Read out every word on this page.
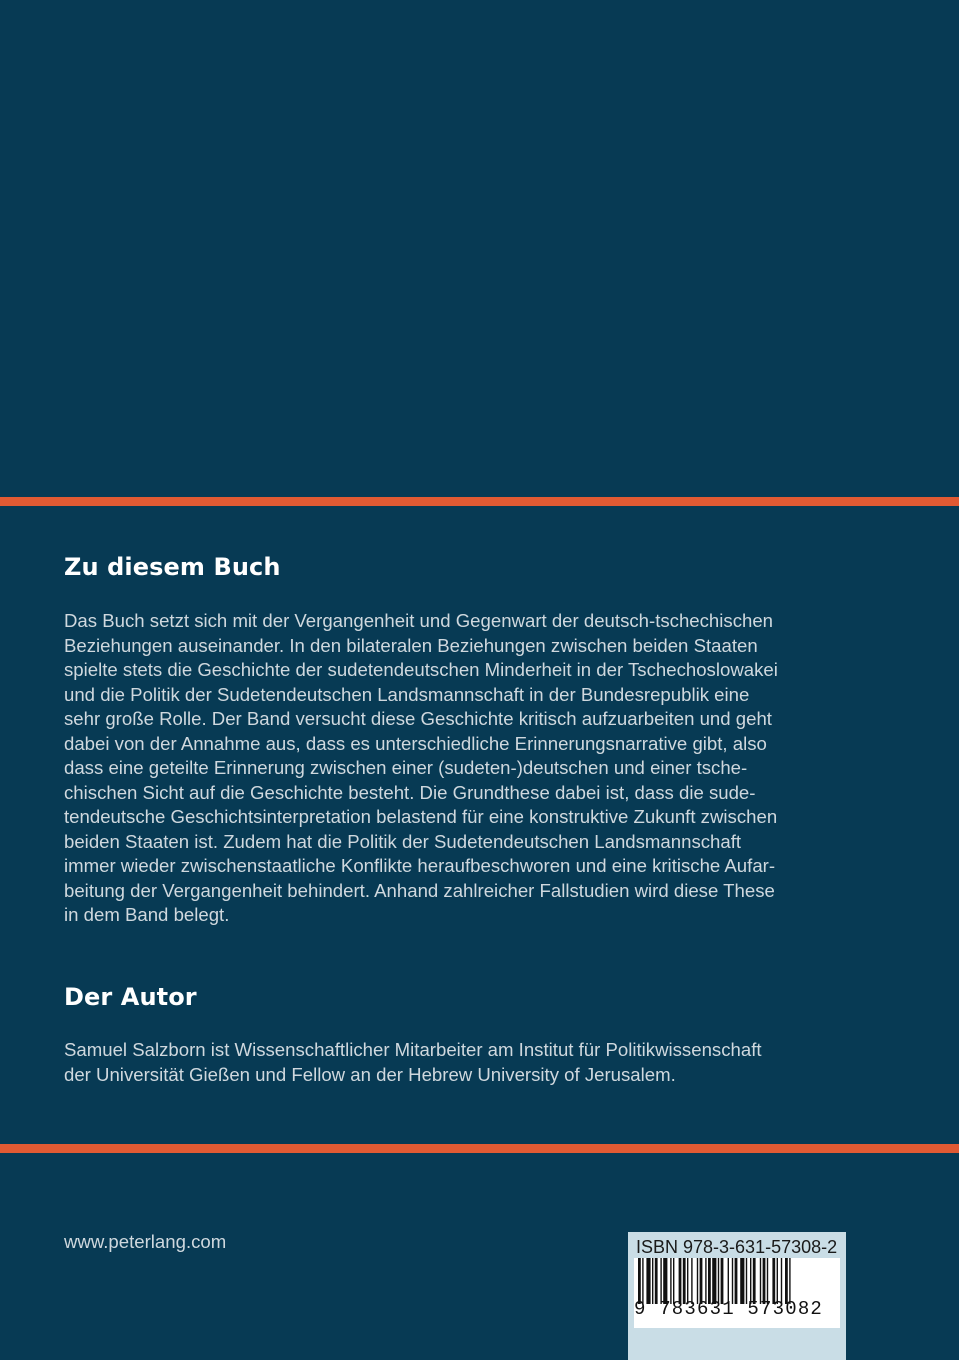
Zu diesem Buch
Das Buch setzt sich mit der Vergangenheit und Gegenwart der deutsch-tschechischen
Beziehungen auseinander. In den bilateralen Beziehungen zwischen beiden Staaten
spielte stets die Geschichte der sudetendeutschen Minderheit in der Tschechoslowakei
und die Politik der Sudetendeutschen Landsmannschaft in der Bundesrepublik eine
sehr große Rolle. Der Band versucht diese Geschichte kritisch aufzuarbeiten und geht
dabei von der Annahme aus, dass es unterschiedliche Erinnerungsnarrative gibt, also
dass eine geteilte Erinnerung zwischen einer (sudeten-)deutschen und einer tsche-
chischen Sicht auf die Geschichte besteht. Die Grundthese dabei ist, dass die sude-
tendeutsche Geschichtsinterpretation belastend für eine konstruktive Zukunft zwischen
beiden Staaten ist. Zudem hat die Politik der Sudetendeutschen Landsmannschaft
immer wieder zwischenstaatliche Konflikte heraufbeschworen und eine kritische Aufar-
beitung der Vergangenheit behindert. Anhand zahlreicher Fallstudien wird diese These
in dem Band belegt.
Der Autor
Samuel Salzborn ist Wissenschaftlicher Mitarbeiter am Institut für Politikwissenschaft
der Universität Gießen und Fellow an der Hebrew University of Jerusalem.
www.peterlang.com	ISBN 978-3-631-57308-2
9 783631 573082
